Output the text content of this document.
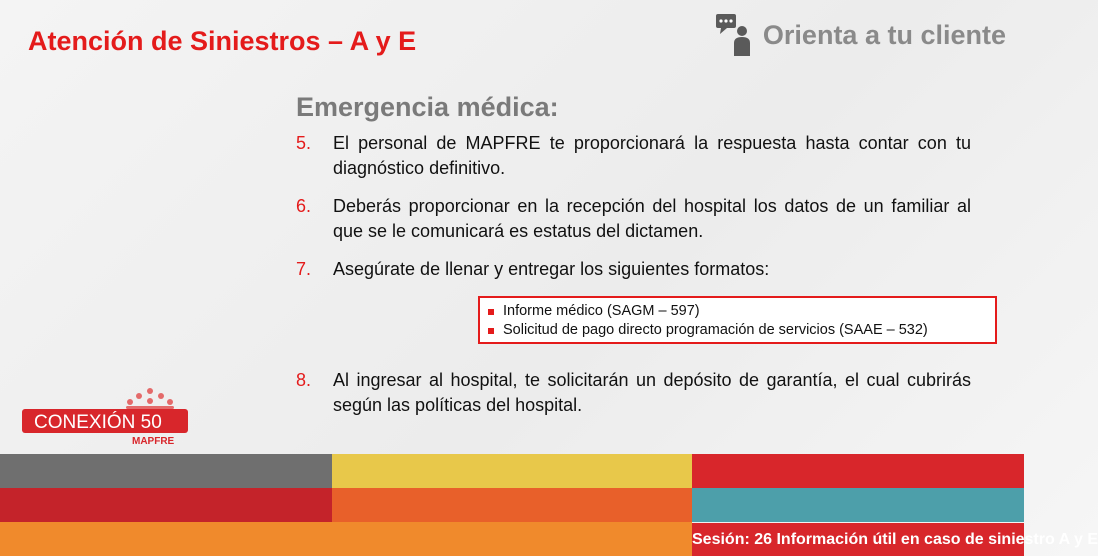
Atención de Siniestros – A y E	Orienta a tu cliente
Emergencia médica:
5.	El personal de MAPFRE te proporcionará la respuesta hasta contar con tu diagnóstico definitivo.
6.	Deberás proporcionar en la recepción del hospital los datos de un familiar al que se le comunicará es estatus del dictamen.
7.	Asegúrate de llenar y entregar los siguientes formatos:
8.	Al ingresar al hospital, te solicitarán un depósito de garantía, el cual cubrirás según las políticas del hospital.
Informe médico (SAGM – 597)
Solicitud de pago directo programación de servicios (SAAE – 532)
CONEXIÓN 50
MAPFRE
Sesión: 26 Información útil en caso de siniestro A y E
